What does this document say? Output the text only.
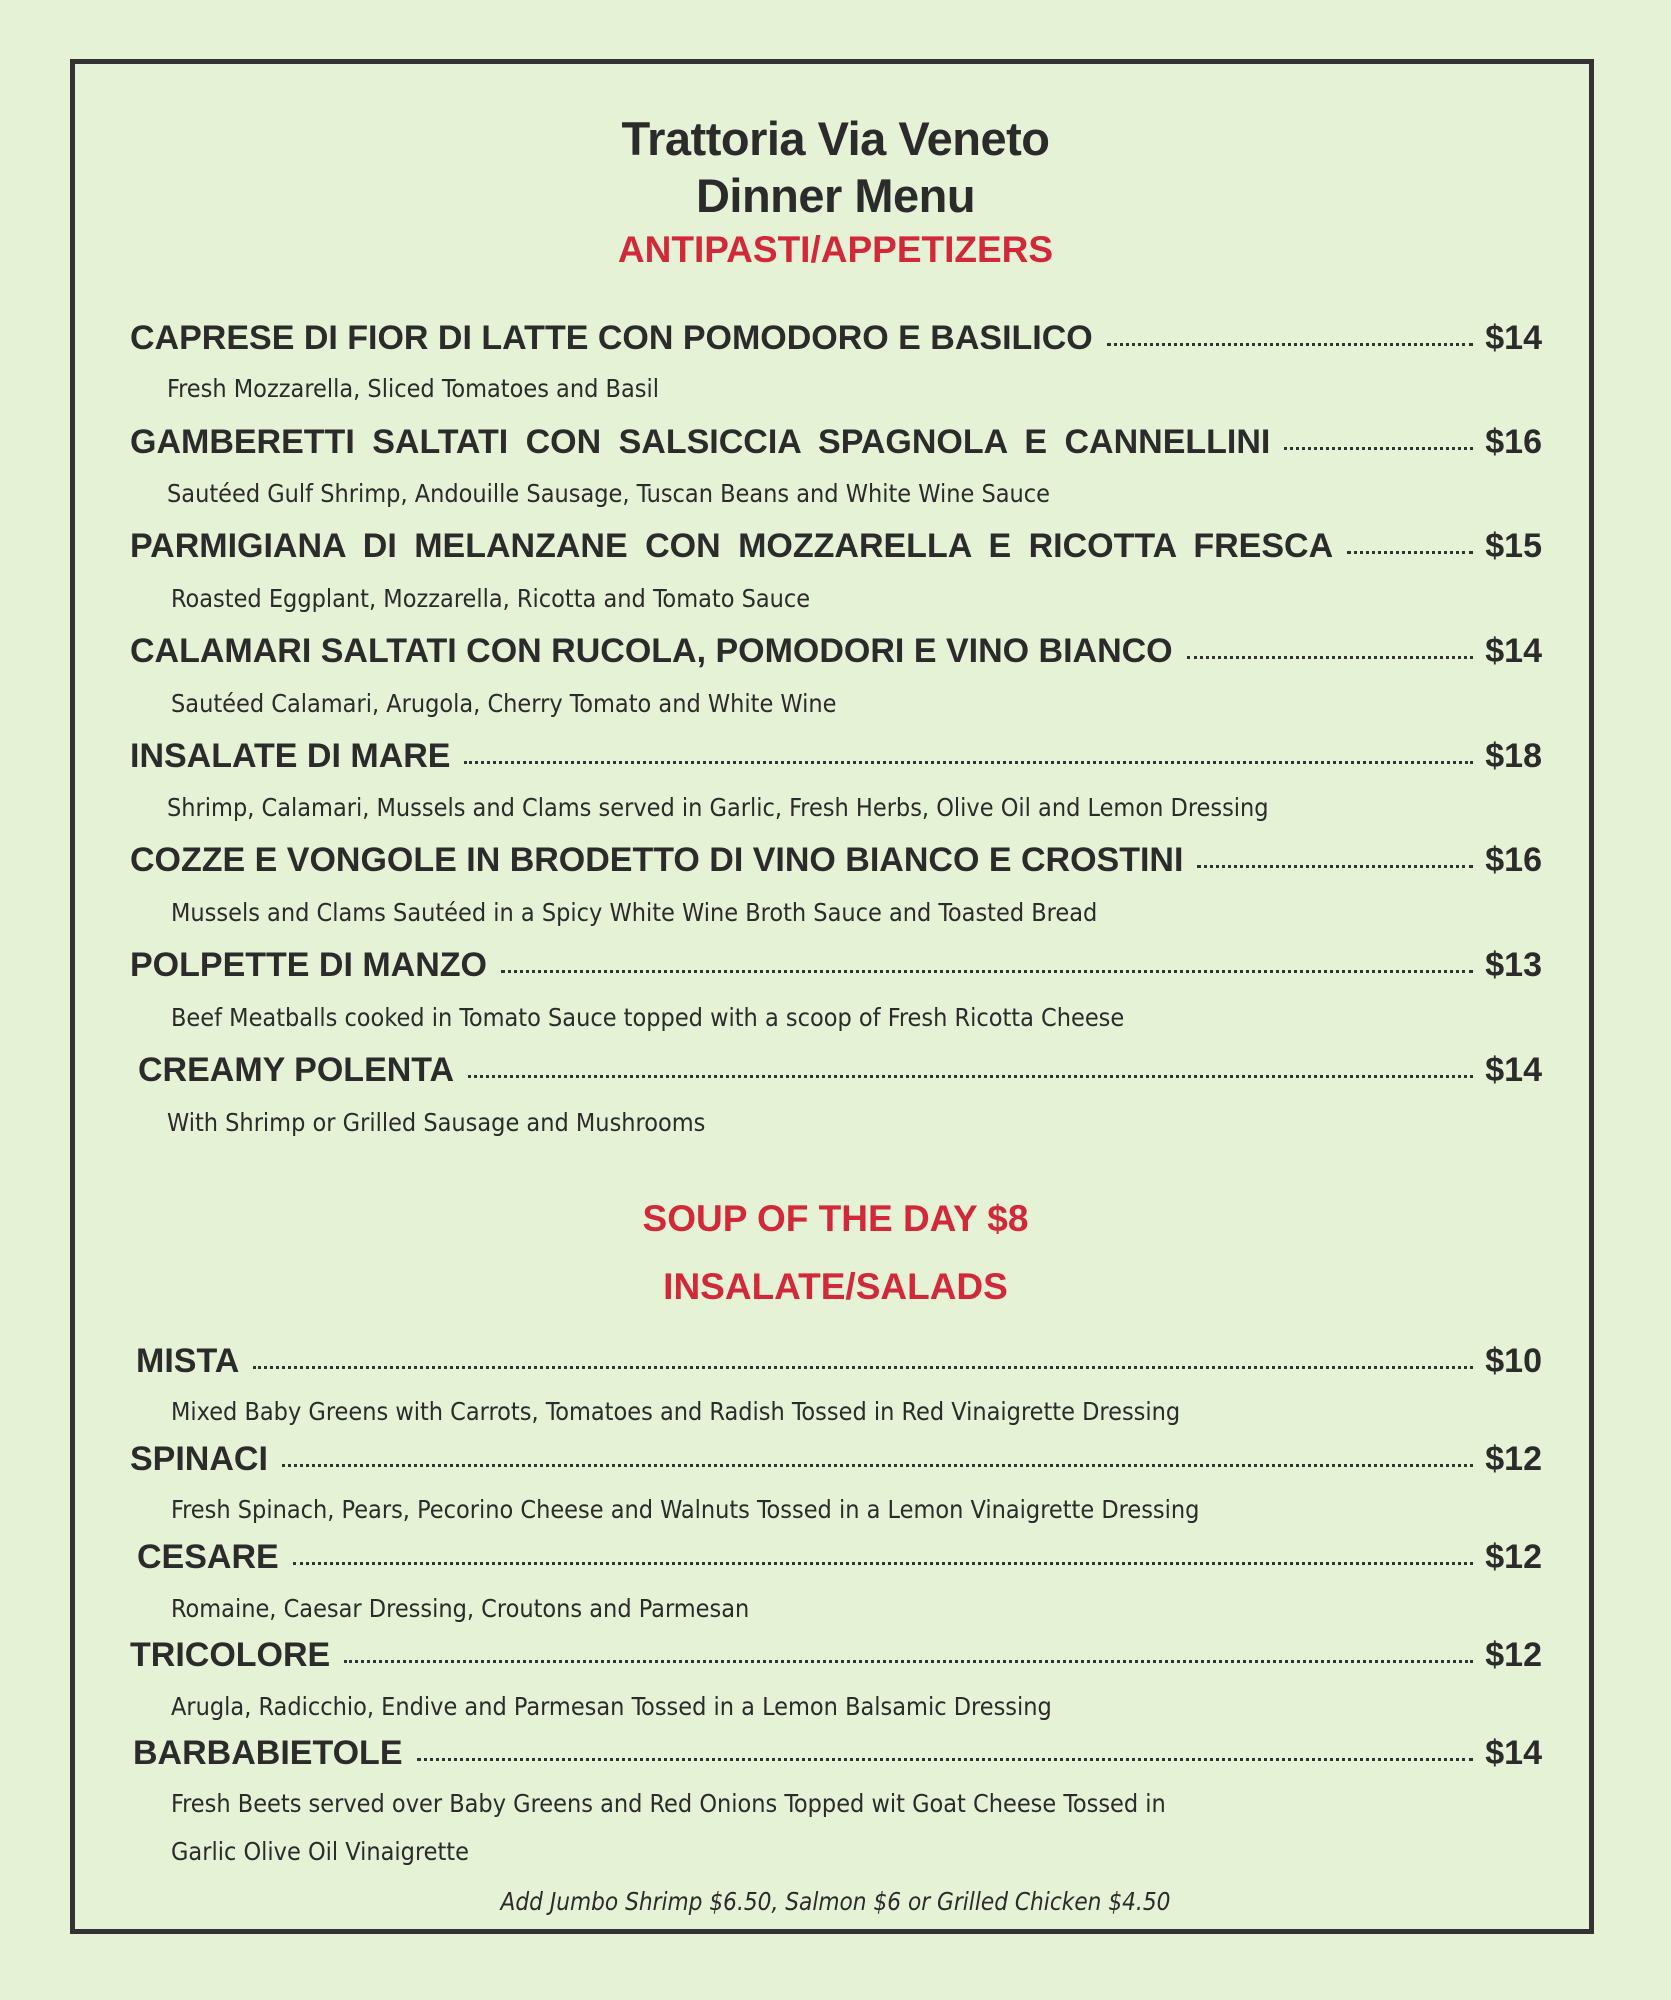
Trattoria Via Veneto
Dinner Menu
ANTIPASTI/APPETIZERS
CAPRESE DI FIOR DI LATTE CON POMODORO E BASILICO	$14
Fresh Mozzarella, Sliced Tomatoes and Basil
GAMBERETTI SALTATI CON SALSICCIA SPAGNOLA E CANNELLINI	$16
Sautéed Gulf Shrimp, Andouille Sausage, Tuscan Beans and White Wine Sauce
PARMIGIANA DI MELANZANE CON MOZZARELLA E RICOTTA FRESCA	$15
Roasted Eggplant, Mozzarella, Ricotta and Tomato Sauce
CALAMARI SALTATI CON RUCOLA, POMODORI E VINO BIANCO	$14
Sautéed Calamari, Arugola, Cherry Tomato and White Wine
INSALATE DI MARE	$18
Shrimp, Calamari, Mussels and Clams served in Garlic, Fresh Herbs, Olive Oil and Lemon Dressing
COZZE E VONGOLE IN BRODETTO DI VINO BIANCO E CROSTINI	$16
Mussels and Clams Sautéed in a Spicy White Wine Broth Sauce and Toasted Bread
POLPETTE DI MANZO	$13
Beef Meatballs cooked in Tomato Sauce topped with a scoop of Fresh Ricotta Cheese
CREAMY POLENTA	$14
With Shrimp or Grilled Sausage and Mushrooms
SOUP OF THE DAY $8
INSALATE/SALADS
MISTA	$10
Mixed Baby Greens with Carrots, Tomatoes and Radish Tossed in Red Vinaigrette Dressing
SPINACI	$12
Fresh Spinach, Pears, Pecorino Cheese and Walnuts Tossed in a Lemon Vinaigrette Dressing
CESARE	$12
Romaine, Caesar Dressing, Croutons and Parmesan
TRICOLORE	$12
Arugla, Radicchio, Endive and Parmesan Tossed in a Lemon Balsamic Dressing
BARBABIETOLE	$14
Fresh Beets served over Baby Greens and Red Onions Topped wit Goat Cheese Tossed in
Garlic Olive Oil Vinaigrette
Add Jumbo Shrimp $6.50, Salmon $6 or Grilled Chicken $4.50
